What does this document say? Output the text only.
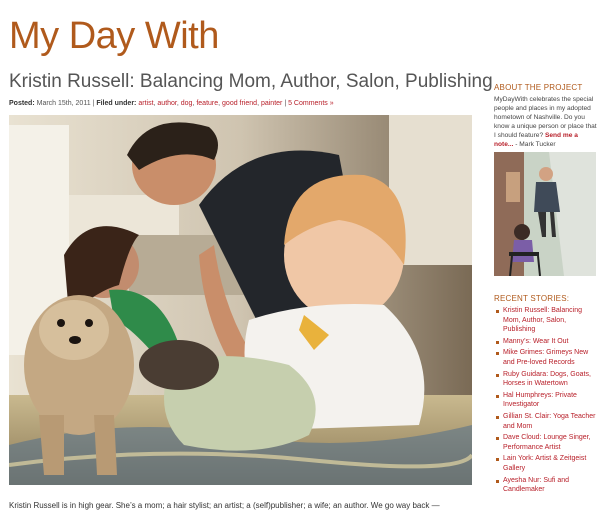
My Day With
Kristin Russell: Balancing Mom, Author, Salon, Publishing
Posted: March 15th, 2011 | Filed under: artist, author, dog, feature, good friend, painter | 5 Comments »
Kristin Russell is in high gear. She’s a mom; a hair stylist; an artist; a (self)publisher; a wife; an author. We go way back —
ABOUT THE PROJECT
MyDayWith celebrates the special people and places in my adopted hometown of Nashville. Do you know a unique person or place that I should feature? Send me a note... - Mark Tucker
RECENT STORIES:
Kristin Russell: Balancing Mom, Author, Salon, Publishing
Manny’s: Wear It Out
Mike Grimes: Grimeys New and Pre-loved Records
Ruby Guidara: Dogs, Goats, Horses in Watertown
Hal Humphreys: Private Investigator
Gillian St. Clair: Yoga Teacher and Mom
Dave Cloud: Lounge Singer, Performance Artist
Lain York: Artist & Zeitgeist Gallery
Ayesha Nur: Sufi and Candlemaker
